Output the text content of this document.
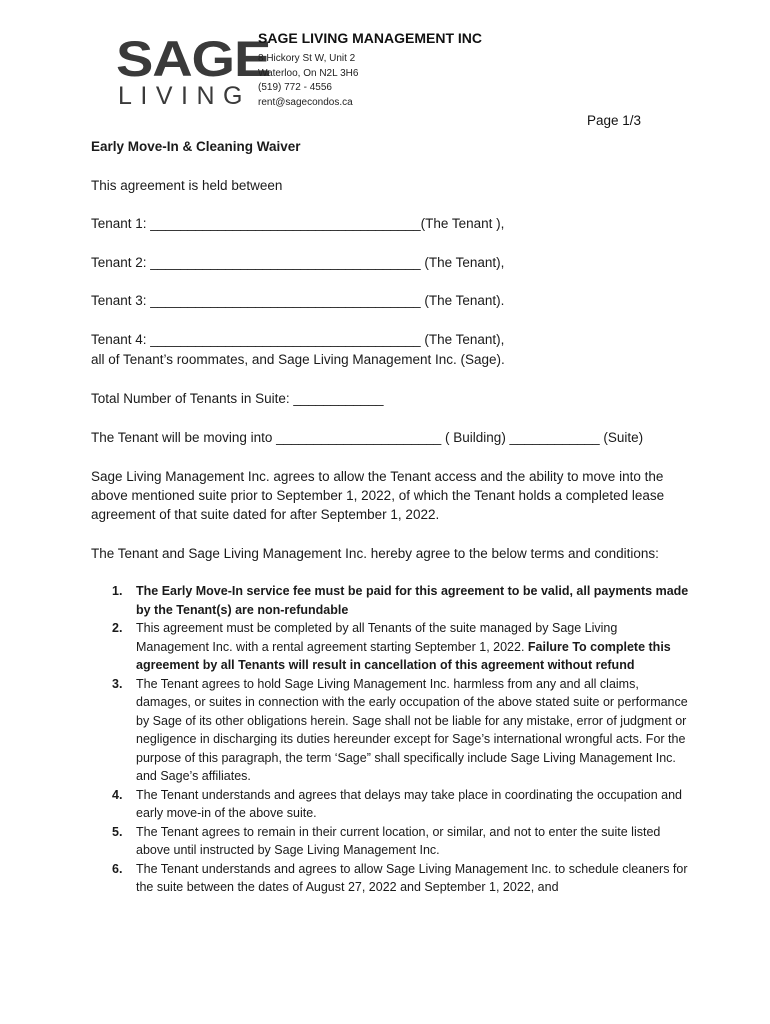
SAGE
LIVING
SAGE LIVING MANAGEMENT INC
8 Hickory St W, Unit 2
Waterloo, On N2L 3H6
(519) 772 - 4556
rent@sagecondos.ca
Page 1/3
Early Move-In & Cleaning Waiver
This agreement is held between
Tenant 1: ____________________________________(The Tenant ),
Tenant 2: ____________________________________ (The Tenant),
Tenant 3: ____________________________________ (The Tenant).
Tenant 4: ____________________________________ (The Tenant),
all of Tenant’s roommates, and Sage Living Management Inc. (Sage).
Total Number of Tenants in Suite: ____________
The Tenant will be moving into ______________________ ( Building) ____________ (Suite)
Sage Living Management Inc. agrees to allow the Tenant access and the ability to move into the
above mentioned suite prior to September 1, 2022, of which the Tenant holds a completed lease
agreement of that suite dated for after September 1, 2022.
The Tenant and Sage Living Management Inc. hereby agree to the below terms and conditions:
1. The Early Move-In service fee must be paid for this agreement to be valid, all payments made by the Tenant(s) are non-refundable
2. This agreement must be completed by all Tenants of the suite managed by Sage Living Management Inc. with a rental agreement starting September 1, 2022. Failure To complete this agreement by all Tenants will result in cancellation of this agreement without refund
3. The Tenant agrees to hold Sage Living Management Inc. harmless from any and all claims, damages, or suites in connection with the early occupation of the above stated suite or performance by Sage of its other obligations herein. Sage shall not be liable for any mistake, error of judgment or negligence in discharging its duties hereunder except for Sage’s international wrongful acts. For the purpose of this paragraph, the term ‘Sage” shall specifically include Sage Living Management Inc. and Sage’s affiliates.
4. The Tenant understands and agrees that delays may take place in coordinating the occupation and early move-in of the above suite.
5. The Tenant agrees to remain in their current location, or similar, and not to enter the suite listed above until instructed by Sage Living Management Inc.
6. The Tenant understands and agrees to allow Sage Living Management Inc. to schedule cleaners for the suite between the dates of August 27, 2022 and September 1, 2022, and
